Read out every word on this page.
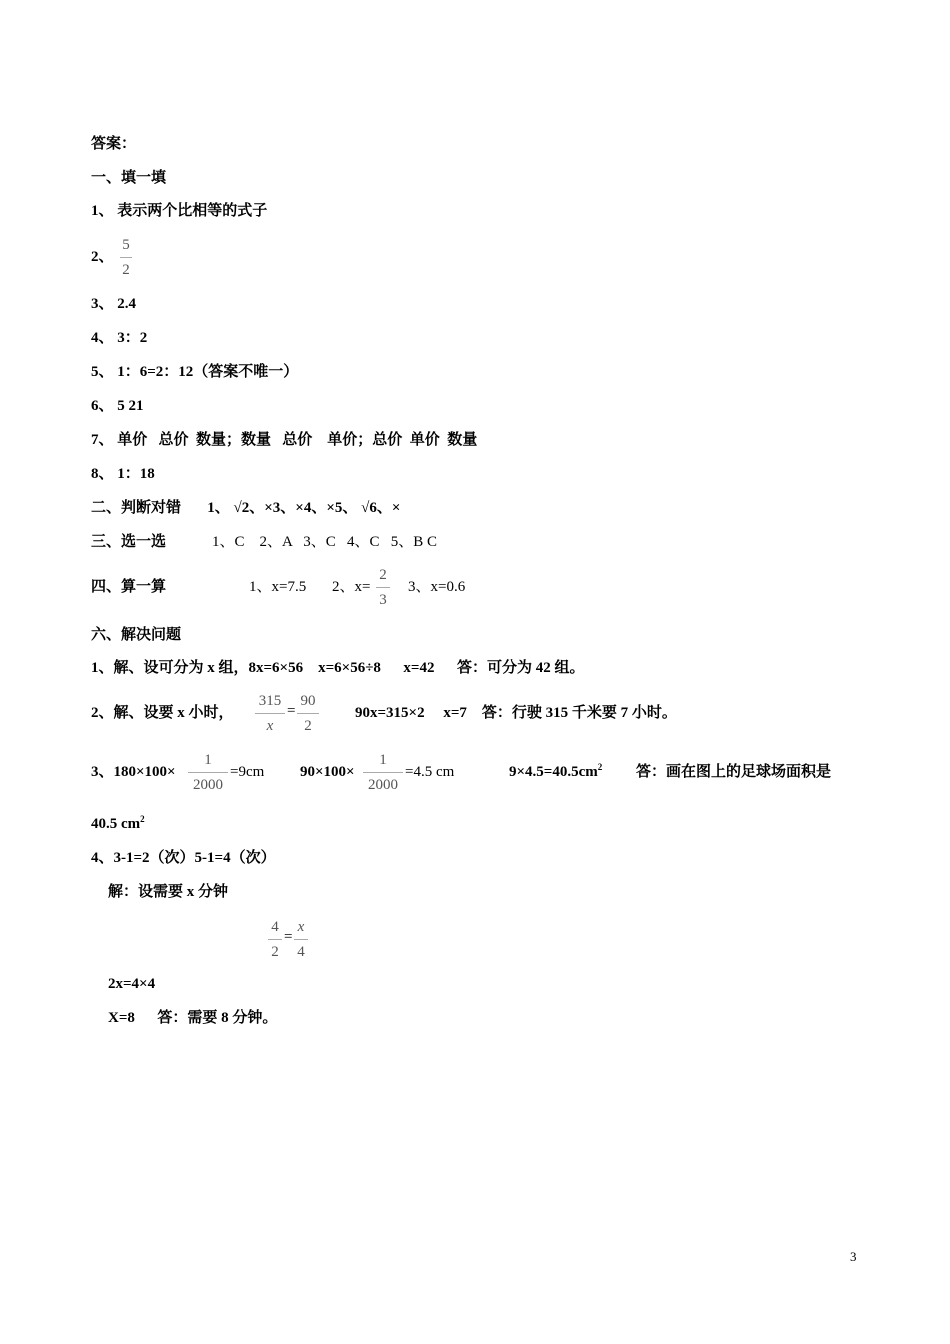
答案：
一、填一填
1、 表示两个比相等的式子
2、
5
2
3、 2.4
4、 3：2
5、 1：6=2：12（答案不唯一）
6、 5 21
7、 单价   总价  数量；数量   总价    单价；总价  单价  数量
8、 1：18
二、判断对错       1、 √2、×3、×4、×5、 √6、×
三、选一选	1、C    2、A   3、C   4、C   5、B C
四、算一算	1、x=7.5 2、x=
2
3
3、x=0.6
六、解决问题
1、解、设可分为 x 组，8x=6×56    x=6×56÷8      x=42      答：可分为 42 组。
2、解、设要 x 小时，
315
x
=
90
2
90x=315×2     x=7    答：行驶 315 千米要 7 小时。
3、180×100×
1
2000
=9cm 90×100×
1
2000
=4.5 cm	$9\times 4.5=40.5cm^2$ 答：画在图上的足球场面积是
40.5 $cm^2$
4、3-1=2（次）5-1=4（次）
解：设需要 x 分钟
4
2
=
x
4
2x=4×4
X=8      答：需要 8 分钟。
3
